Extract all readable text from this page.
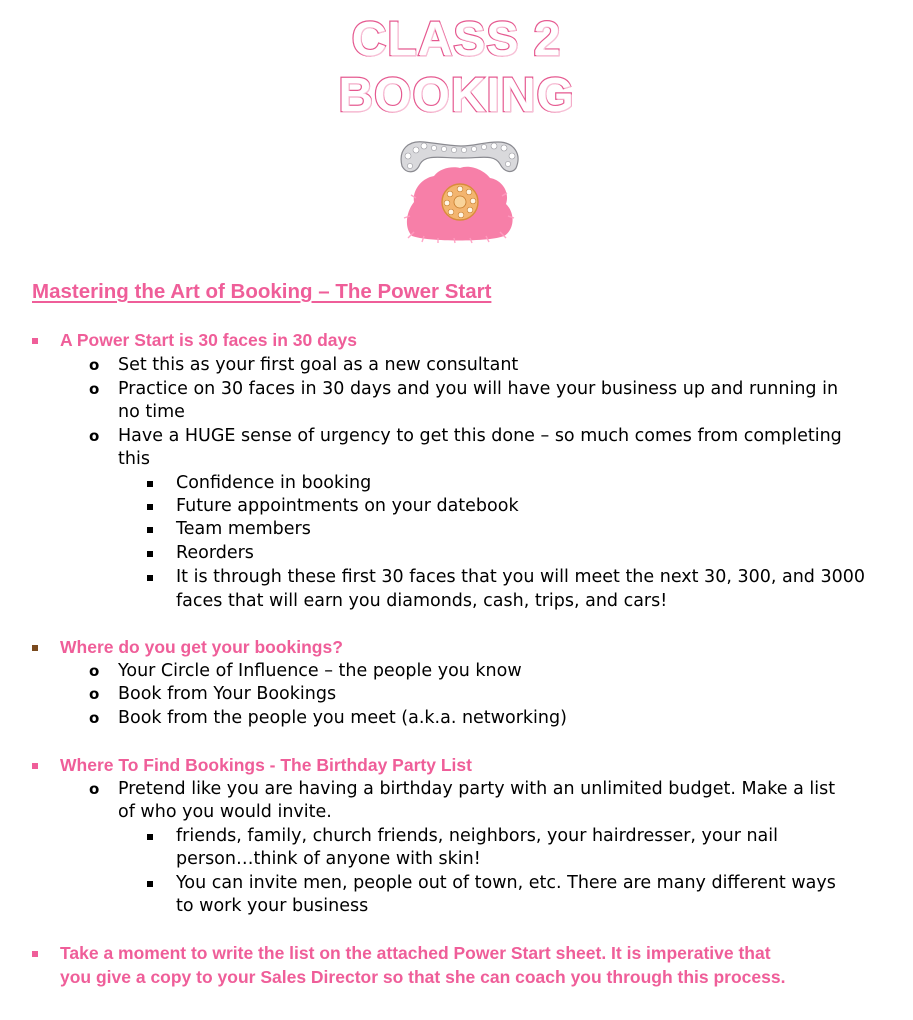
CLASS 2
BOOKING
Mastering the Art of Booking – The Power Start

A Power Start is 30 faces in 30 days

o Set this as your first goal as a new consultant

o Practice on 30 faces in 30 days and you will have your business up and running in

no time

o Have a HUGE sense of urgency to get this done – so much comes from completing

this

Confidence in booking

Future appointments on your datebook

Team members

Reorders

It is through these first 30 faces that you will meet the next 30, 300, and 3000

faces that will earn you diamonds, cash, trips, and cars!

Where do you get your bookings?

o Your Circle of Influence – the people you know

o Book from Your Bookings

o Book from the people you meet (a.k.a. networking)

Where To Find Bookings - The Birthday Party List

o Pretend like you are having a birthday party with an unlimited budget. Make a list

of who you would invite.

friends, family, church friends, neighbors, your hairdresser, your nail

person…think of anyone with skin!

You can invite men, people out of town, etc. There are many different ways

to work your business

Take a moment to write the list on the attached Power Start sheet. It is imperative that

you give a copy to your Sales Director so that she can coach you through this process.
